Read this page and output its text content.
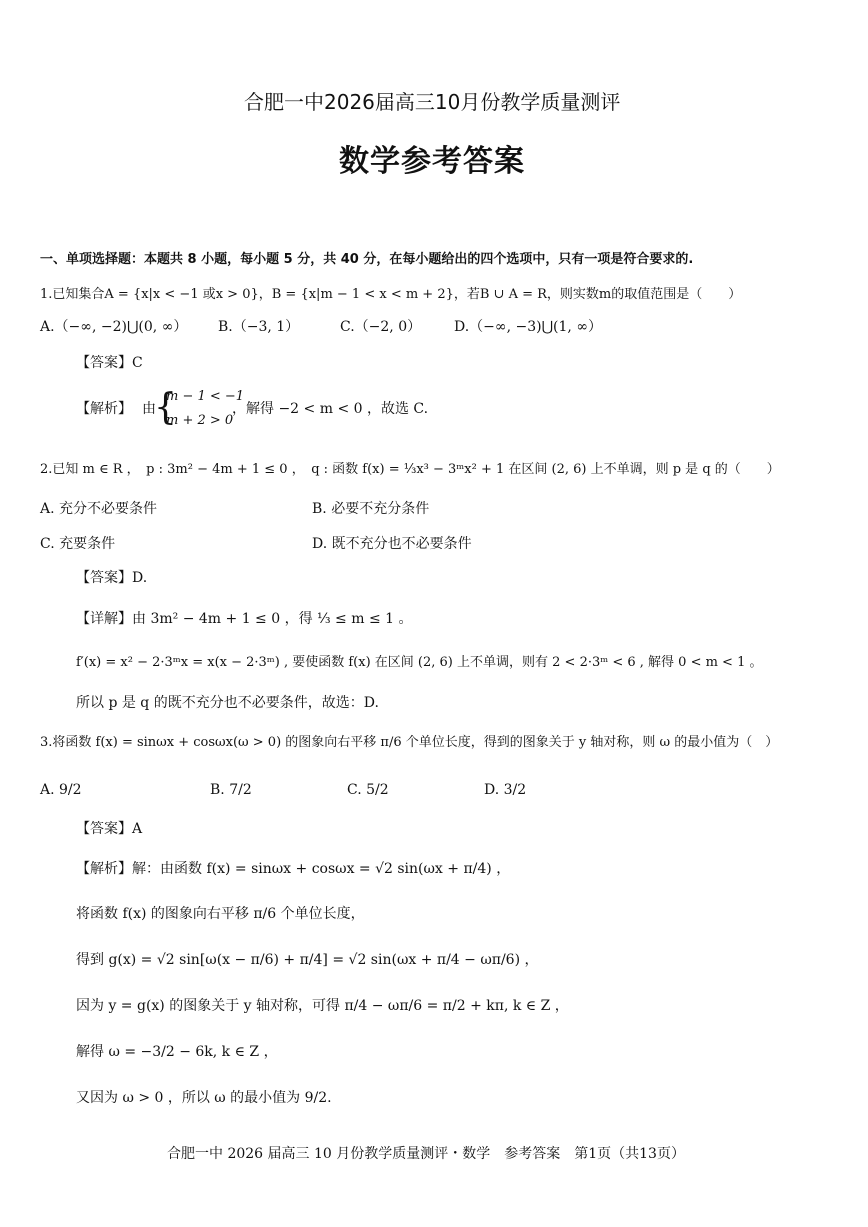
合肥一中2026届高三10月份教学质量测评
数学参考答案
一、单项选择题：本题共 8 小题，每小题 5 分，共 40 分，在每小题给出的四个选项中，只有一项是符合要求的.
1.已知集合A = {x|x < −1 或x > 0}，B = {x|m − 1 < x < m + 2}，若B ∪ A = R，则实数m的取值范围是（　　）
A.（−∞, −2)⋃(0, ∞） B.（−3, 1）	C.（−2, 0） D.（−∞, −3)⋃(1, ∞）
【答案】C
【解析】 由
{
m − 1 < −1
m + 2 > 0
，解得 −2 < m < 0 ，故选 C.
2.已知 m ∈ R ，　p : 3m² − 4m + 1 ≤ 0 ，　q : 函数 f(x) = ⅓x³ − 3ᵐx² + 1 在区间 (2, 6) 上不单调，则 p 是 q 的（　　）
A. 充分不必要条件	B. 必要不充分条件
C. 充要条件	D. 既不充分也不必要条件
【答案】D.
【详解】由 3m² − 4m + 1 ≤ 0 ，得 ⅓ ≤ m ≤ 1 。
f′(x) = x² − 2·3ᵐx = x(x − 2·3ᵐ) , 要使函数 f(x) 在区间 (2, 6) 上不单调，则有 2 < 2·3ᵐ < 6 , 解得 0 < m < 1 。
所以 p 是 q 的既不充分也不必要条件，故选：D.
3.将函数 f(x) = sinωx + cosωx(ω > 0) 的图象向右平移 π/6 个单位长度，得到的图象关于 y 轴对称，则 ω 的最小值为（　）
A. 9/2	B. 7/2	C. 5/2	D. 3/2
【答案】A
【解析】解：由函数 f(x) = sinωx + cosωx = √2 sin(ωx + π/4) ，
将函数 f(x) 的图象向右平移 π/6 个单位长度，
得到 g(x) = √2 sin[ω(x − π/6) + π/4] = √2 sin(ωx + π/4 − ωπ/6) ，
因为 y = g(x) 的图象关于 y 轴对称，可得 π/4 − ωπ/6 = π/2 + kπ, k ∈ Z ，
解得 ω = −3/2 − 6k, k ∈ Z ，
又因为 ω > 0 ，所以 ω 的最小值为 9/2.
合肥一中 2026 届高三 10 月份教学质量测评・数学　参考答案　第1页（共13页）
